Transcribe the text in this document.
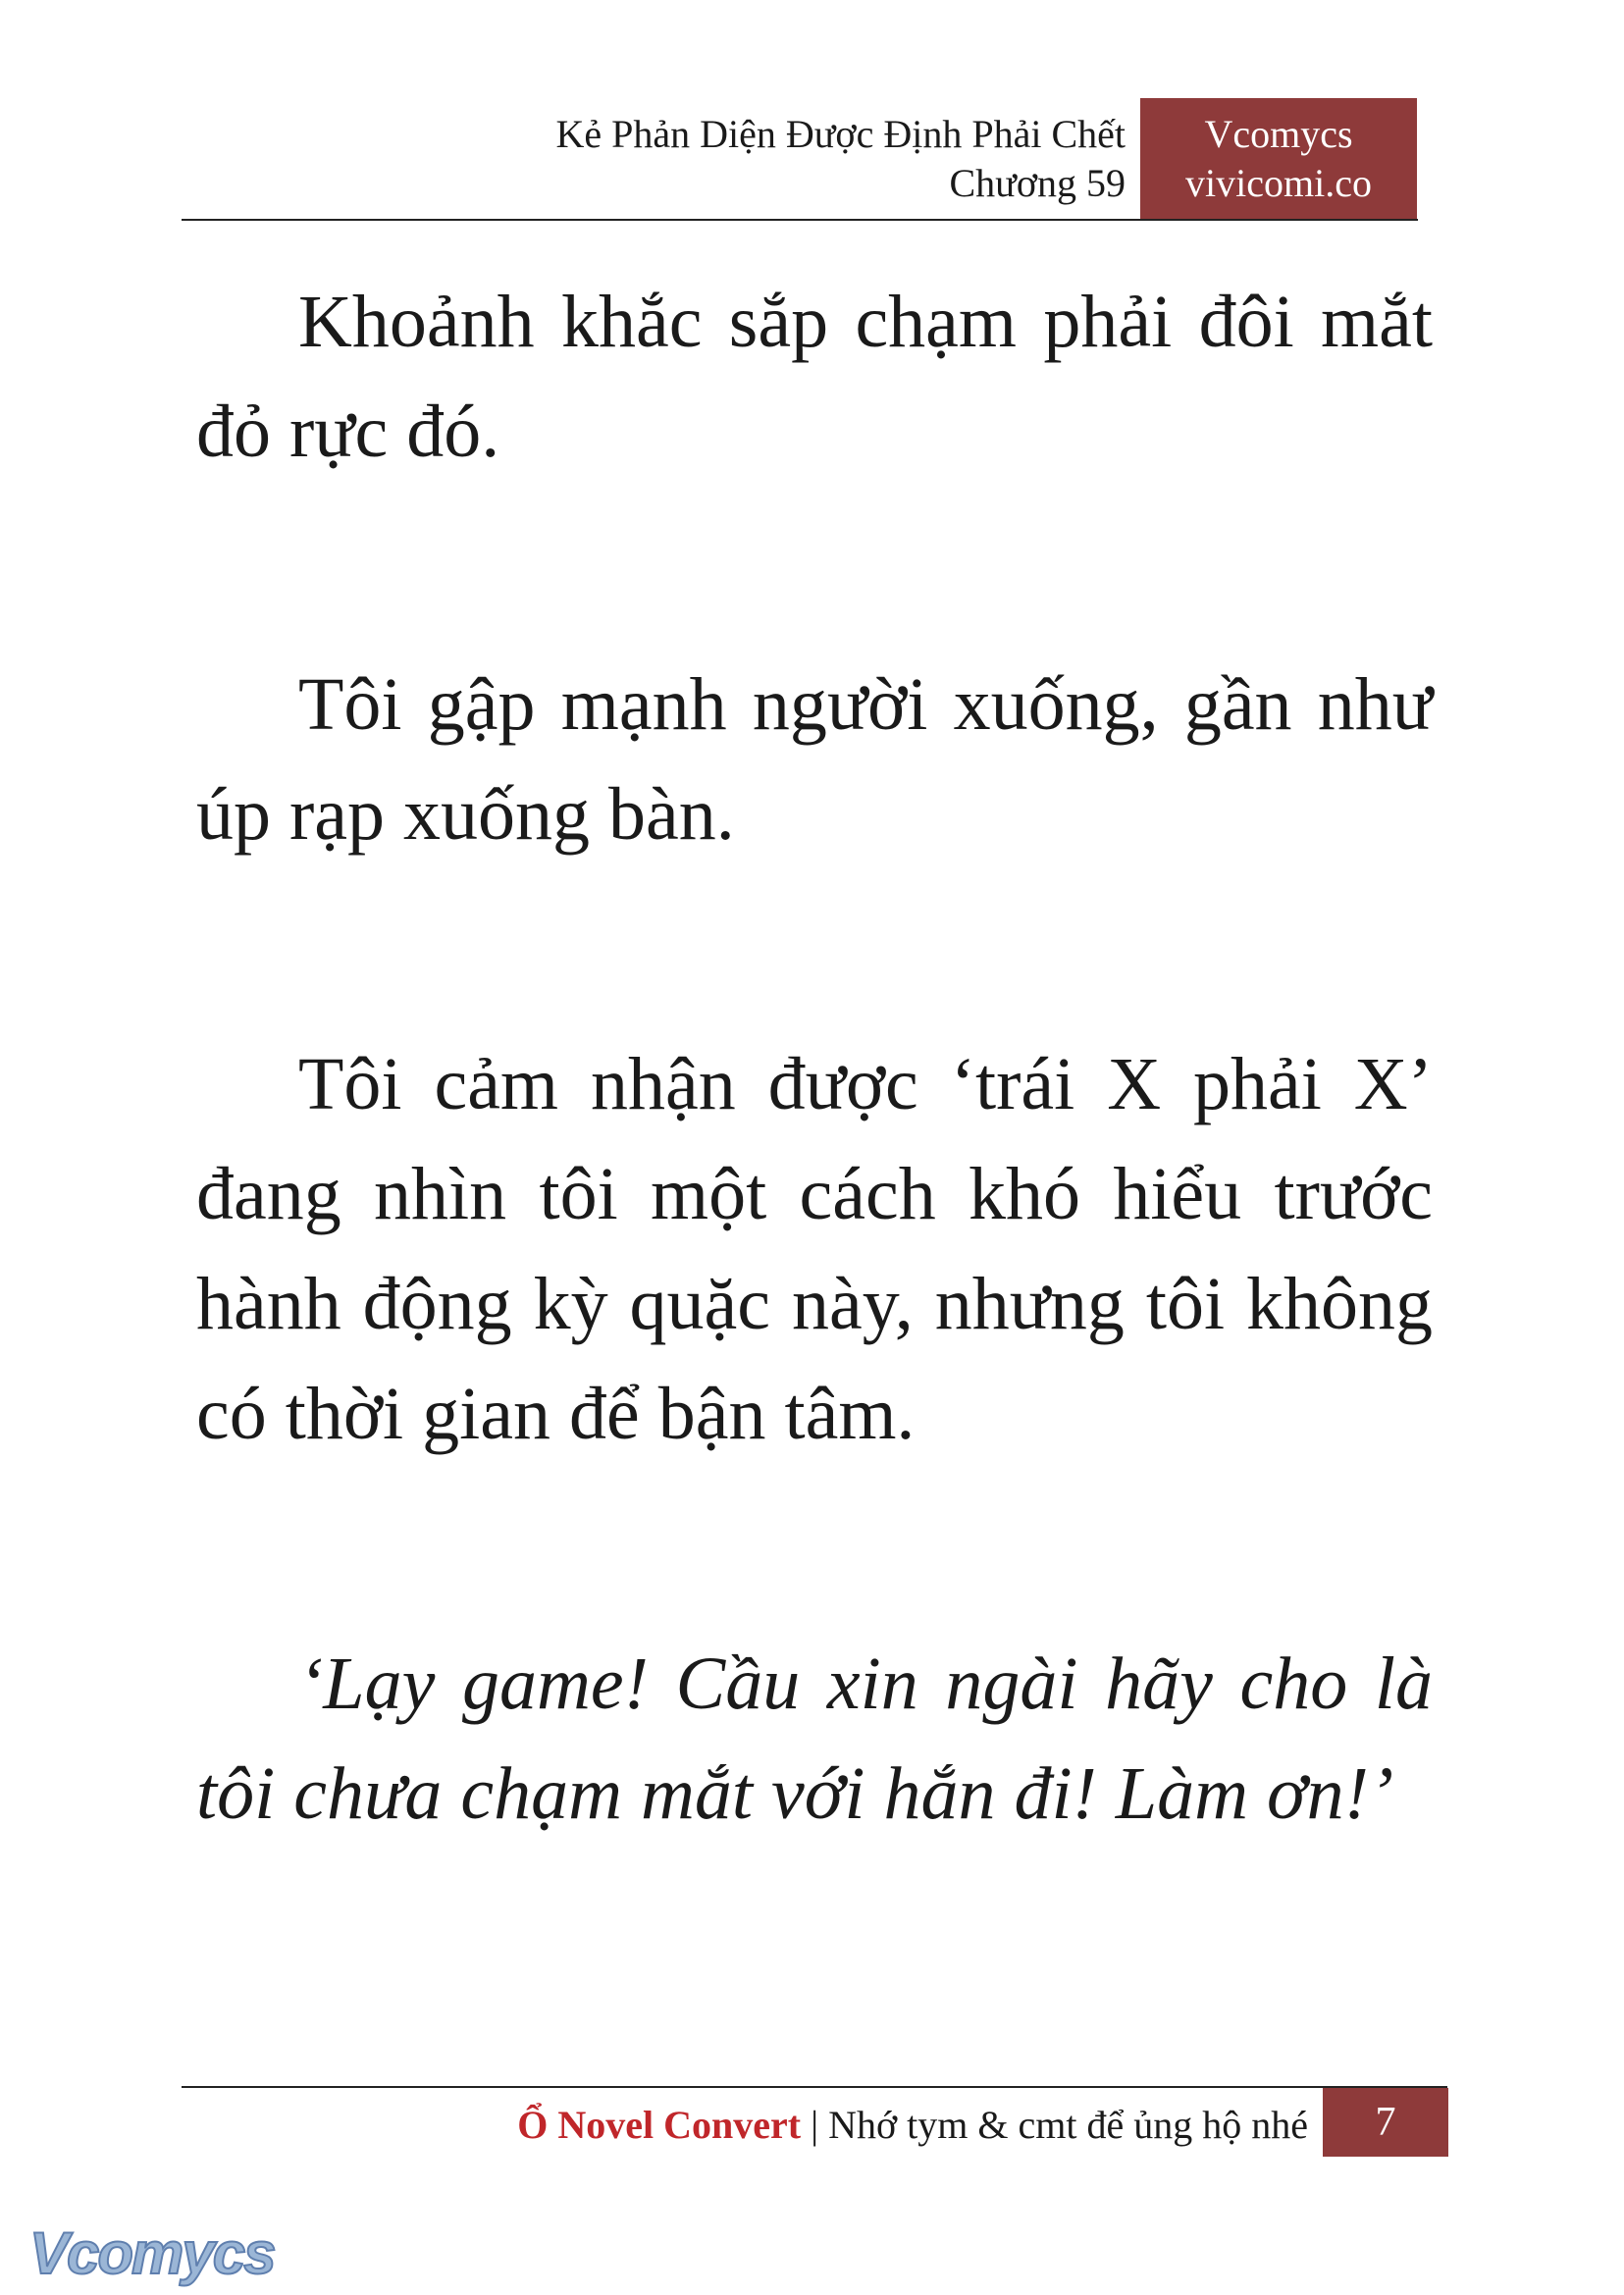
Kẻ Phản Diện Được Định Phải Chết
Chương 59
Vcomycs
vivicomi.co

Khoảnh khắc sắp chạm phải đôi mắt đỏ rực đó.

Tôi gập mạnh người xuống, gần như úp rạp xuống bàn.

Tôi cảm nhận được ‘trái X phải X’ đang nhìn tôi một cách khó hiểu trước hành động kỳ quặc này, nhưng tôi không có thời gian để bận tâm.

‘Lạy game! Cầu xin ngài hãy cho là tôi chưa chạm mắt với hắn đi! Làm ơn!’

Ổ Novel Convert | Nhớ tym & cmt để ủng hộ nhé	7
Vcomycs
